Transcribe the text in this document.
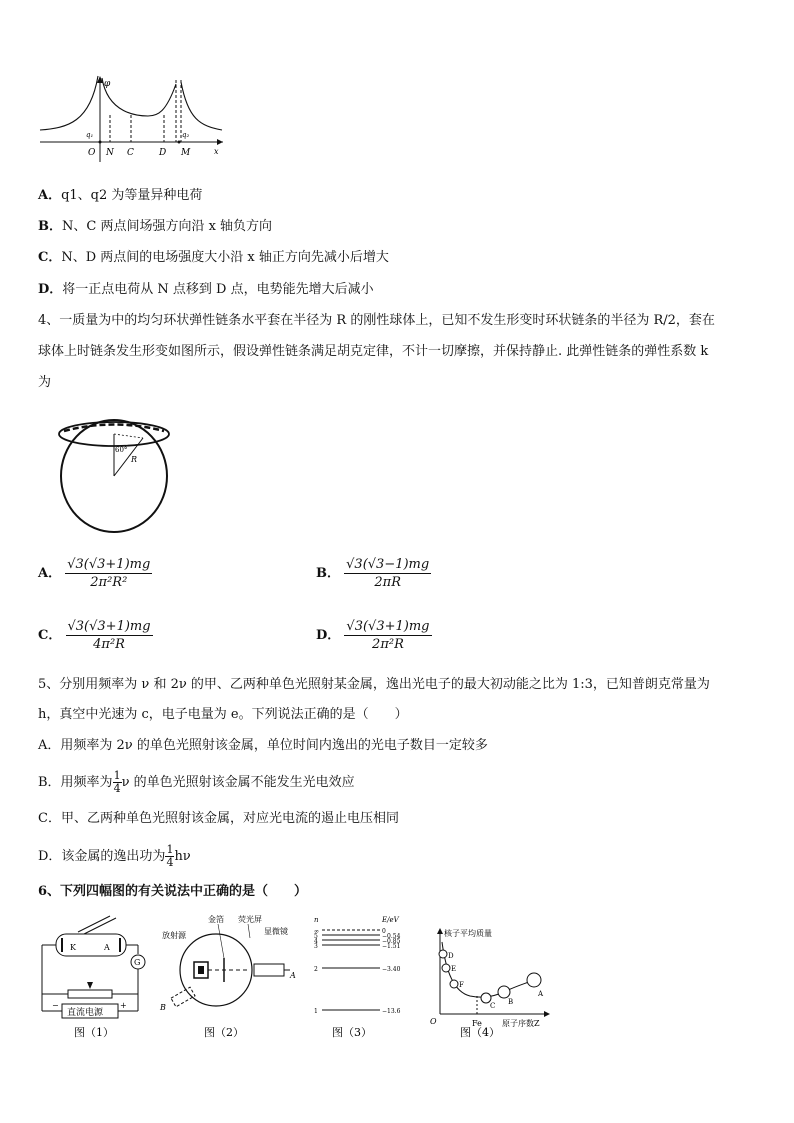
φ
x
q₁	q₂
O N C	D M
A．q1、q2 为等量异种电荷
B．N、C 两点间场强方向沿 x 轴负方向
C．N、D 两点间的电场强度大小沿 x 轴正方向先减小后增大
D．将一正点电荷从 N 点移到 D 点，电势能先增大后减小
4、一质量为中的均匀环状弹性链条水平套在半径为 R 的刚性球体上，已知不发生形变时环状链条的半径为 R/2，套在
球体上时链条发生形变如图所示，假设弹性链条满足胡克定律，不计一切摩擦，并保持静止. 此弹性链条的弹性系数 k
为
60°
R
A． $\frac{√3(√3+1)mg}{\text{2π²R²}}$	B． $\frac{√3(√3-1)mg}{2\pi R}$
C． $\frac{√3(√3+1)mg}{\text{4π²R}}$	D． $\frac{√3(√3+1)mg}{\text{2π²R}}$
5、分别用频率为 ν 和 2ν 的甲、乙两种单色光照射某金属，逸出光电子的最大初动能之比为 1:3，已知普朗克常量为
h，真空中光速为 c，电子电量为 e。下列说法正确的是（　　）
A．用频率为 2ν 的单色光照射该金属，单位时间内逸出的光电子数目一定较多
B．用频率为 $\frac{1}{4}$ ν 的单色光照射该金属不能发生光电效应
C．甲、乙两种单色光照射该金属，对应光电流的遏止电压相同
D．该金属的逸出功为 $\frac{1}{4}$ hν
6、下列四幅图的有关说法中正确的是（　　）
K	A
G
直流电源
−	+
图（1）
A
B
金箔 荧光屏
显微镜
放射源
图（2）
n	E/eV
∞	0
5	−0.54
4	−0.85
3	−1.51
2	−3.40
1	−13.6
图（3）
核子平均质量
原子序数Z
O	Fe
D
E
F
C B
A
图（4）
